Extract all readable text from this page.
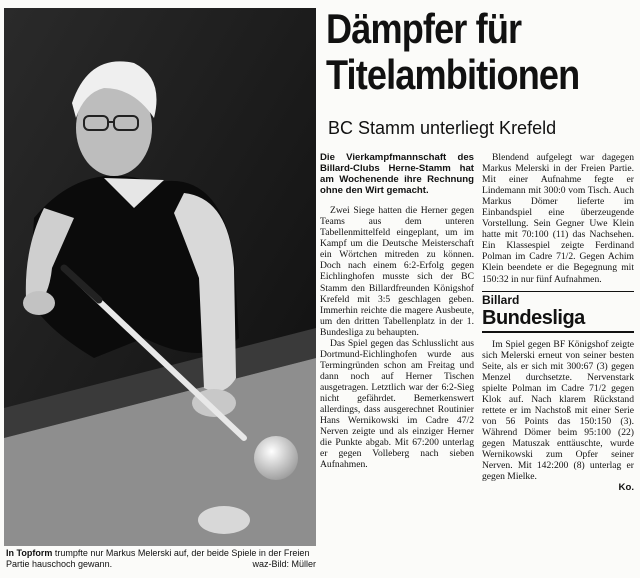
In Topform trumpfte nur Markus Melerski auf, der beide Spiele in der Freien Partie hauschoch gewann.	waz-Bild: Müller
Dämpfer für
Titelambitionen
BC Stamm unterliegt Krefeld
Die Vierkampfmannschaft des Billard-Clubs Herne-Stamm hat am Wochenende ihre Rechnung ohne den Wirt gemacht.

Zwei Siege hatten die Herner gegen Teams aus dem unteren Tabellenmittelfeld eingeplant, um im Kampf um die Deutsche Meisterschaft ein Wörtchen mitreden zu können. Doch nach einem 6:2-Erfolg gegen Eichlinghofen musste sich der BC Stamm den Billardfreunden Königshof Krefeld mit 3:5 geschlagen geben. Immerhin reichte die magere Ausbeute, um den dritten Tabellenplatz in der 1. Bundesliga zu behaupten.

Das Spiel gegen das Schlusslicht aus Dortmund-Eichlinghofen wurde aus Termingründen schon am Freitag und dann noch auf Herner Tischen ausgetragen. Letztlich war der 6:2-Sieg nicht gefährdet. Bemerkenswert allerdings, dass ausgerechnet Routinier Hans Wernikowski im Cadre 47/2 Nerven zeigte und als einziger Herner die Punkte abgab. Mit 67:200 unterlag er gegen Volleberg nach sieben Aufnahmen.

Blendend aufgelegt war dagegen Markus Melerski in der Freien Partie. Mit einer Aufnahme fegte er Lindemann mit 300:0 vom Tisch. Auch Markus Dömer lieferte im Einbandspiel eine überzeugende Vorstellung. Sein Gegner Uwe Klein hatte mit 70:100 (11) das Nachsehen. Ein Klassespiel zeigte Ferdinand Polman im Cadre 71/2. Gegen Achim Klein beendete er die Begegnung mit 150:32 in nur fünf Aufnahmen.

Billard
Bundesliga

Im Spiel gegen BF Königshof zeigte sich Melerski erneut von seiner besten Seite, als er sich mit 300:67 (3) gegen Menzel durchsetzte. Nervenstark spielte Polman im Cadre 71/2 gegen Klok auf. Nach klarem Rückstand rettete er im Nachstoß mit einer Serie von 56 Points das 150:150 (3). Während Dömer beim 95:100 (22) gegen Matuszak enttäuschte, wurde Wernikowski zum Opfer seiner Nerven. Mit 142:200 (8) unterlag er gegen Mielke.

Ko.
